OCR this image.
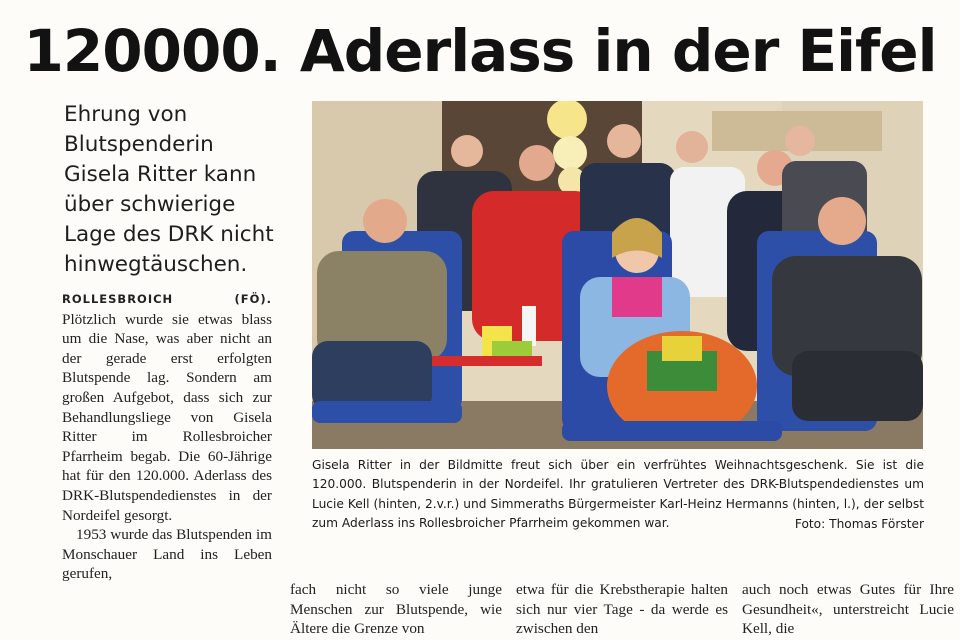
120000. Aderlass in der Eifel

Ehrung von Blutspenderin Gisela Ritter kann über schwierige Lage des DRK nicht hinwegtäuschen.

ROLLESBROICH (FÖ). Plötzlich wurde sie etwas blass um die Nase, was aber nicht an der gerade erst erfolgten Blutspende lag. Sondern am großen Aufgebot, dass sich zur Behandlungsliege von Gisela Ritter im Rollesbroicher Pfarrheim begab. Die 60-Jährige hat für den 120.000. Aderlass des DRK-Blutspendedienstes in der Nordeifel gesorgt.

1953 wurde das Blutspenden im Monschauer Land ins Leben gerufen,

Gisela Ritter in der Bildmitte freut sich über ein verfrühtes Weihnachtsgeschenk. Sie ist die 120.000. Blutspenderin in der Nordeifel. Ihr gratulieren Vertreter des DRK-Blutspendedienstes um Lucie Kell (hinten, 2.v.r.) und Simmeraths Bürgermeister Karl-Heinz Hermanns (hinten, l.), der selbst zum Aderlass ins Rollesbroicher Pfarrheim gekommen war.	Foto: Thomas Förster

fach nicht so viele junge Menschen zur Blutspende, wie Ältere die Grenze von

etwa für die Krebstherapie halten sich nur vier Tage - da werde es zwischen den

auch noch etwas Gutes für Ihre Gesundheit«, unterstreicht Lucie Kell, die
